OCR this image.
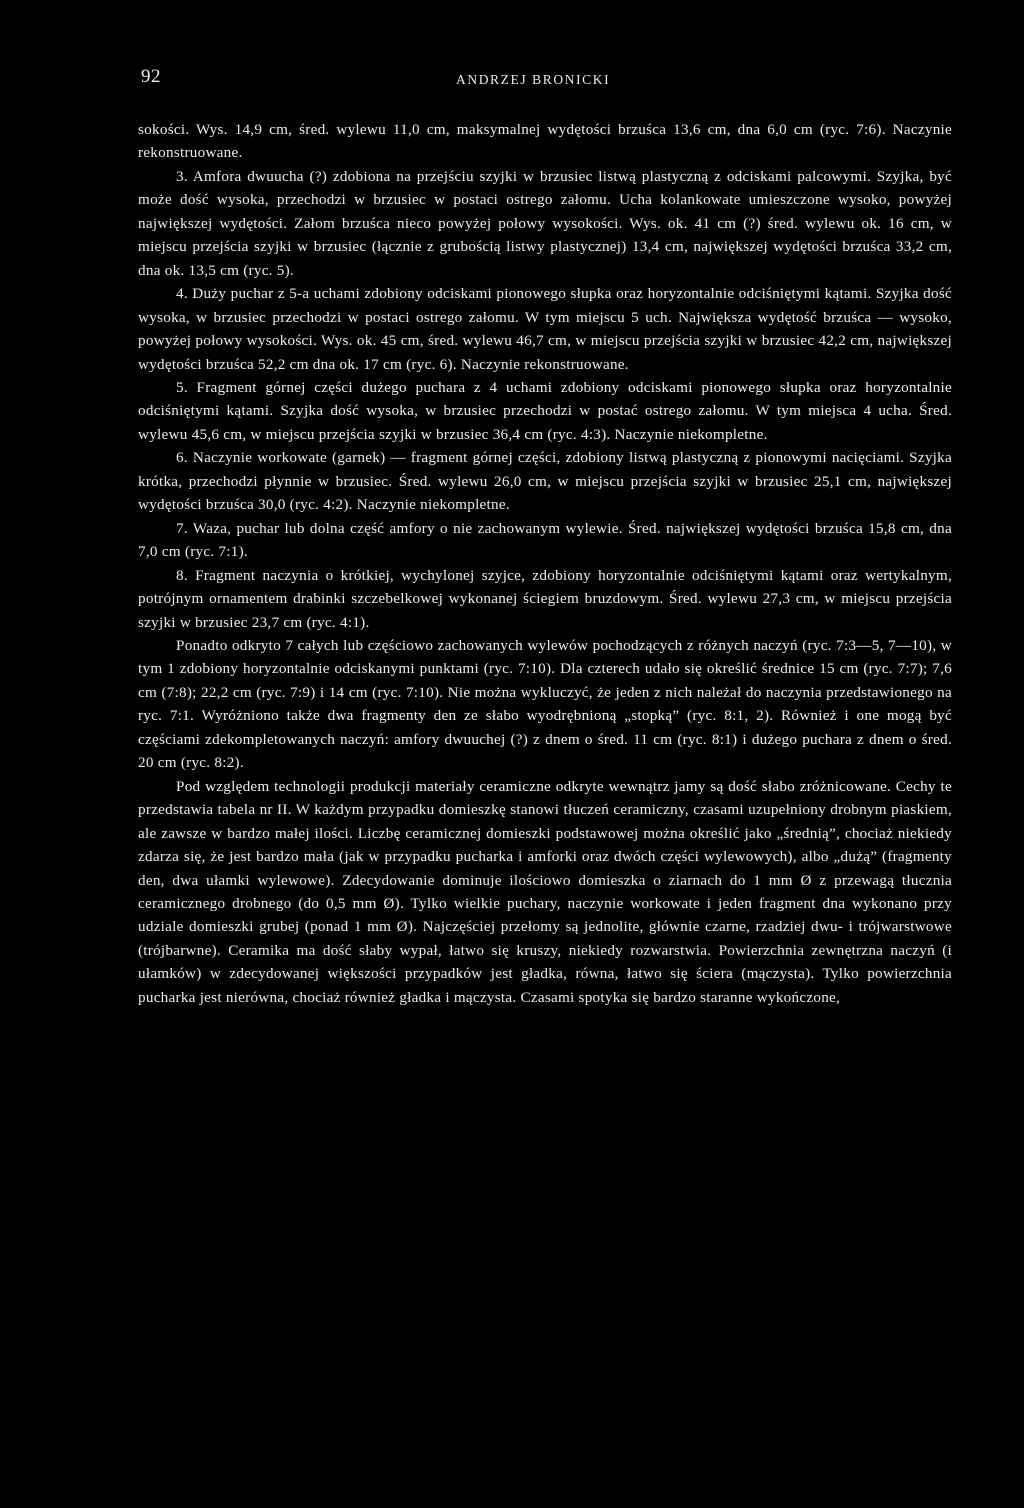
92	ANDRZEJ BRONICKI

sokości. Wys. 14,9 cm, śred. wylewu 11,0 cm, maksymalnej wydętości brzuśca 13,6 cm, dna 6,0 cm (ryc. 7:6). Naczynie rekonstruowane.

3. Amfora dwuucha (?) zdobiona na przejściu szyjki w brzusiec listwą plastyczną z odciskami palcowymi. Szyjka, być może dość wysoka, przechodzi w brzusiec w postaci ostrego załomu. Ucha kolankowate umieszczone wysoko, powyżej największej wydętości. Załom brzuśca nieco powyżej połowy wysokości. Wys. ok. 41 cm (?) śred. wylewu ok. 16 cm, w miejscu przejścia szyjki w brzusiec (łącznie z grubością listwy plastycznej) 13,4 cm, największej wydętości brzuśca 33,2 cm, dna ok. 13,5 cm (ryc. 5).

4. Duży puchar z 5-a uchami zdobiony odciskami pionowego słupka oraz horyzontalnie odciśniętymi kątami. Szyjka dość wysoka, w brzusiec przechodzi w postaci ostrego załomu. W tym miejscu 5 uch. Największa wydętość brzuśca — wysoko, powyżej połowy wysokości. Wys. ok. 45 cm, śred. wylewu 46,7 cm, w miejscu przejścia szyjki w brzusiec 42,2 cm, największej wydętości brzuśca 52,2 cm dna ok. 17 cm (ryc. 6). Naczynie rekonstruowane.

5. Fragment górnej części dużego puchara z 4 uchami zdobiony odciskami pionowego słupka oraz horyzontalnie odciśniętymi kątami. Szyjka dość wysoka, w brzusiec przechodzi w postać ostrego załomu. W tym miejsca 4 ucha. Śred. wylewu 45,6 cm, w miejscu przejścia szyjki w brzusiec 36,4 cm (ryc. 4:3). Naczynie niekompletne.

6. Naczynie workowate (garnek) — fragment górnej części, zdobiony listwą plastyczną z pionowymi nacięciami. Szyjka krótka, przechodzi płynnie w brzusiec. Śred. wylewu 26,0 cm, w miejscu przejścia szyjki w brzusiec 25,1 cm, największej wydętości brzuśca 30,0 (ryc. 4:2). Naczynie niekompletne.

7. Waza, puchar lub dolna część amfory o nie zachowanym wylewie. Śred. największej wydętości brzuśca 15,8 cm, dna 7,0 cm (ryc. 7:1).

8. Fragment naczynia o krótkiej, wychylonej szyjce, zdobiony horyzontalnie odciśniętymi kątami oraz wertykalnym, potrójnym ornamentem drabinki szczebelkowej wykonanej ściegiem bruzdowym. Śred. wylewu 27,3 cm, w miejscu przejścia szyjki w brzusiec 23,7 cm (ryc. 4:1).

Ponadto odkryto 7 całych lub częściowo zachowanych wylewów pochodzących z różnych naczyń (ryc. 7:3—5, 7—10), w tym 1 zdobiony horyzontalnie odciskanymi punktami (ryc. 7:10). Dla czterech udało się określić średnice 15 cm (ryc. 7:7); 7,6 cm (7:8); 22,2 cm (ryc. 7:9) i 14 cm (ryc. 7:10). Nie można wykluczyć, że jeden z nich należał do naczynia przedstawionego na ryc. 7:1. Wyróżniono także dwa fragmenty den ze słabo wyodrębnioną „stopką” (ryc. 8:1, 2). Również i one mogą być częściami zdekompletowanych naczyń: amfory dwuuchej (?) z dnem o śred. 11 cm (ryc. 8:1) i dużego puchara z dnem o śred. 20 cm (ryc. 8:2).

Pod względem technologii produkcji materiały ceramiczne odkryte wewnątrz jamy są dość słabo zróżnicowane. Cechy te przedstawia tabela nr II. W każdym przypadku domieszkę stanowi tłuczeń ceramiczny, czasami uzupełniony drobnym piaskiem, ale zawsze w bardzo małej ilości. Liczbę ceramicznej domieszki podstawowej można określić jako „średnią”, chociaż niekiedy zdarza się, że jest bardzo mała (jak w przypadku pucharka i amforki oraz dwóch części wylewowych), albo „dużą” (fragmenty den, dwa ułamki wylewowe). Zdecydowanie dominuje ilościowo domieszka o ziarnach do 1 mm Ø z przewagą tłucznia ceramicznego drobnego (do 0,5 mm Ø). Tylko wielkie puchary, naczynie workowate i jeden fragment dna wykonano przy udziale domieszki grubej (ponad 1 mm Ø). Najczęściej przełomy są jednolite, głównie czarne, rzadziej dwu- i trójwarstwowe (trójbarwne). Ceramika ma dość słaby wypał, łatwo się kruszy, niekiedy rozwarstwia. Powierzchnia zewnętrzna naczyń (i ułamków) w zdecydowanej większości przypadków jest gładka, równa, łatwo się ściera (mączysta). Tylko powierzchnia pucharka jest nierówna, chociaż również gładka i mączysta. Czasami spotyka się bardzo staranne wykończone,
